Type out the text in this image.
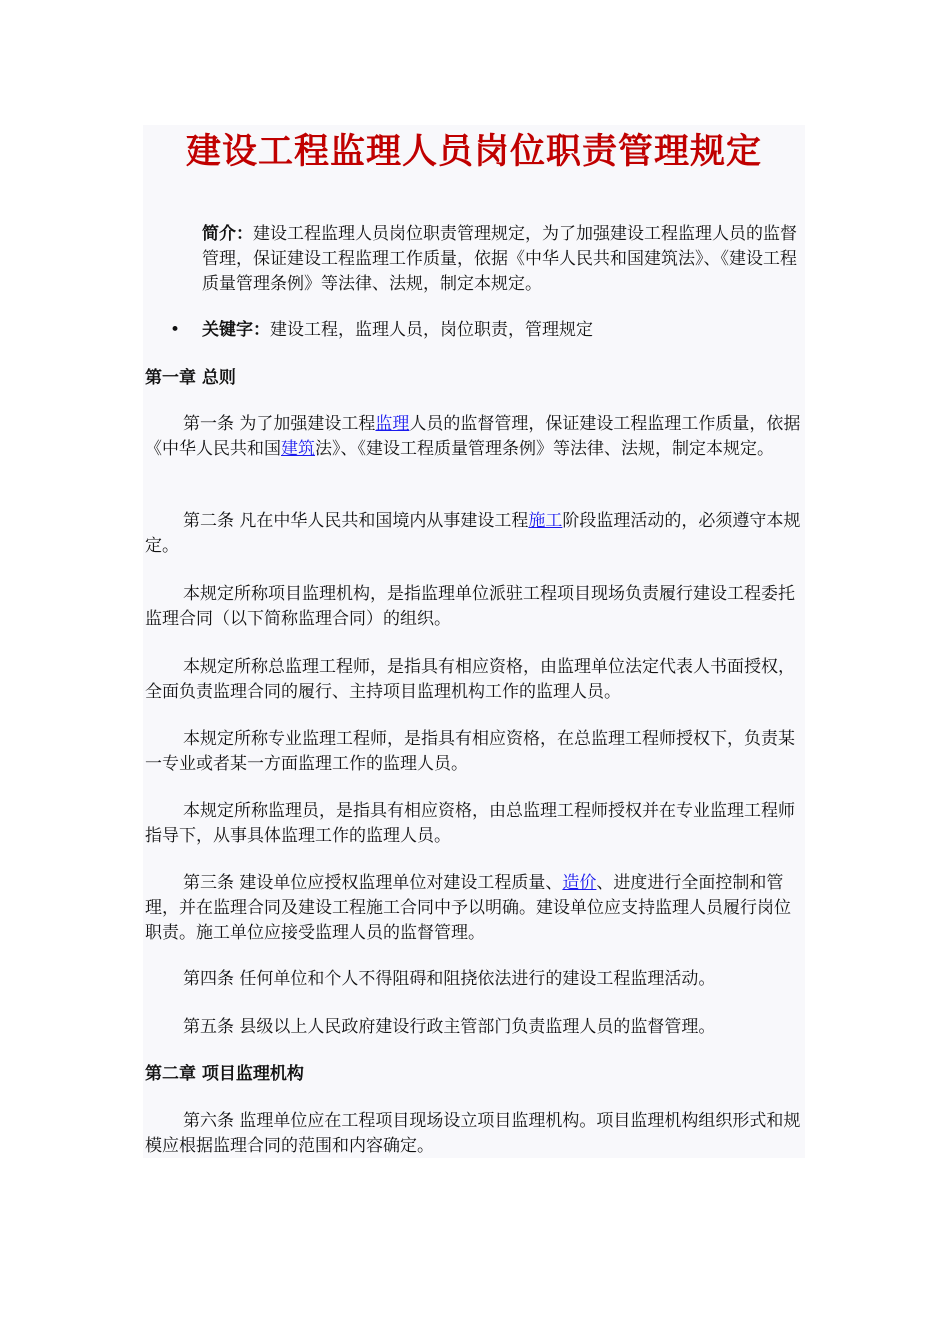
建设工程监理人员岗位职责管理规定
简介：建设工程监理人员岗位职责管理规定，为了加强建设工程监理人员的监督管理，保证建设工程监理工作质量，依据《中华人民共和国建筑法》、《建设工程质量管理条例》等法律、法规，制定本规定。
• 关键字：建设工程，监理人员，岗位职责，管理规定
第一章 总则
第一条 为了加强建设工程监理人员的监督管理，保证建设工程监理工作质量，依据《中华人民共和国建筑法》、《建设工程质量管理条例》等法律、法规，制定本规定。
第二条 凡在中华人民共和国境内从事建设工程施工阶段监理活动的，必须遵守本规定。
本规定所称项目监理机构，是指监理单位派驻工程项目现场负责履行建设工程委托监理合同（以下简称监理合同）的组织。
本规定所称总监理工程师，是指具有相应资格，由监理单位法定代表人书面授权，全面负责监理合同的履行、主持项目监理机构工作的监理人员。
本规定所称专业监理工程师，是指具有相应资格，在总监理工程师授权下，负责某一专业或者某一方面监理工作的监理人员。
本规定所称监理员，是指具有相应资格，由总监理工程师授权并在专业监理工程师指导下，从事具体监理工作的监理人员。
第三条 建设单位应授权监理单位对建设工程质量、造价、进度进行全面控制和管理，并在监理合同及建设工程施工合同中予以明确。建设单位应支持监理人员履行岗位职责。施工单位应接受监理人员的监督管理。
第四条 任何单位和个人不得阻碍和阻挠依法进行的建设工程监理活动。
第五条 县级以上人民政府建设行政主管部门负责监理人员的监督管理。
第二章 项目监理机构
第六条 监理单位应在工程项目现场设立项目监理机构。项目监理机构组织形式和规模应根据监理合同的范围和内容确定。
